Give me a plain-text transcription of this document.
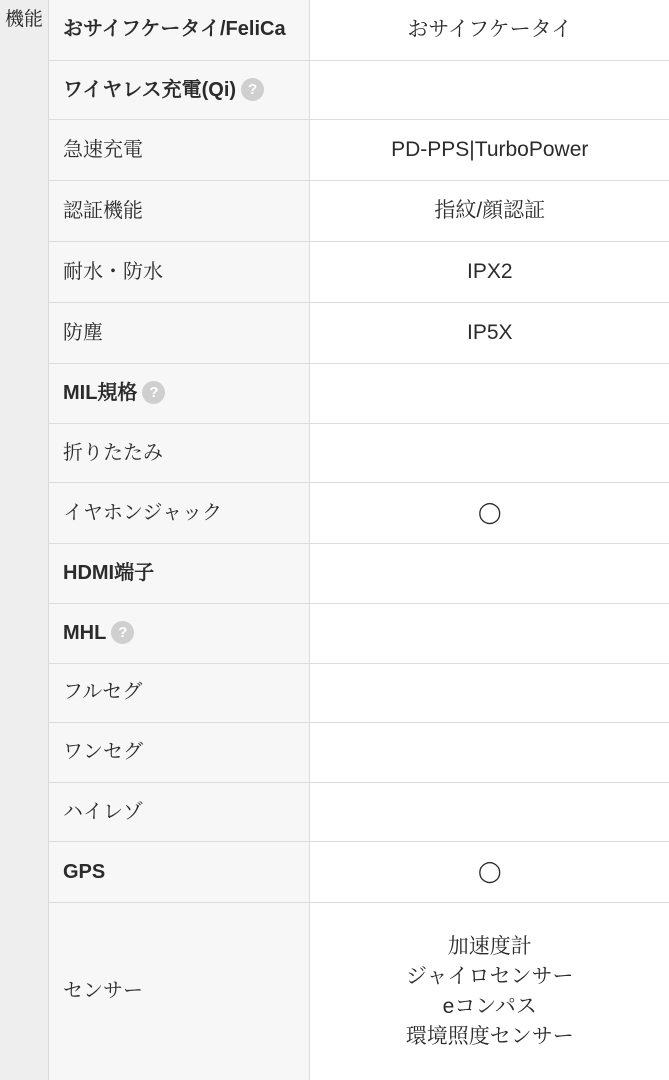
機能 おサイフケータイ/FeliCa	おサイフケータイ

ワイヤレス充電(Qi) ?	
急速充電	PD-PPS|TurboPower

認証機能	指紋/顔認証

耐水・防水	IPX2

防塵	IP5X

MIL規格 ?	
折りたたみ	
イヤホンジャック	◯

HDMI端子	
MHL ?	
フルセグ	
ワンセグ	
ハイレゾ	
GPS	◯

センサー	加速度計
ジャイロセンサー
eコンパス
環境照度センサー
